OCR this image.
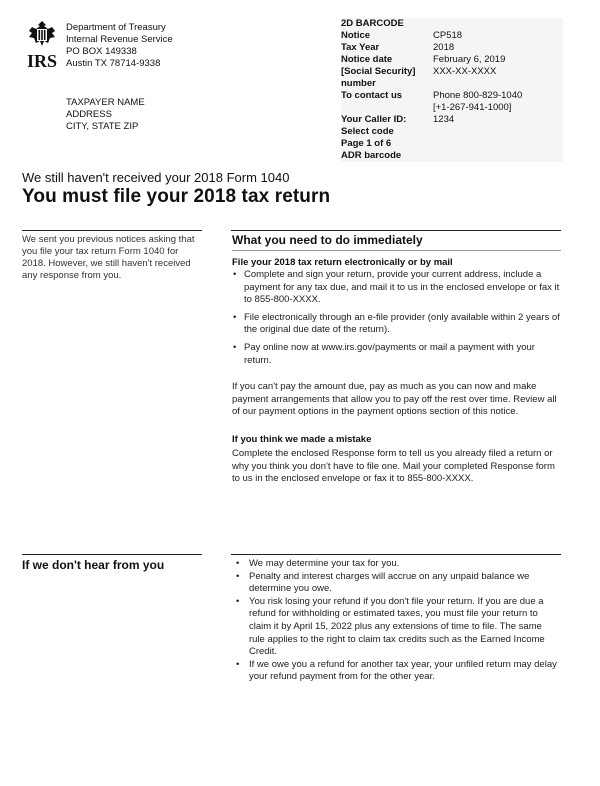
IRS
Department of Treasury
Internal Revenue Service
PO BOX 149338
Austin TX 78714-9338
2D BARCODE
Notice	CP518
Tax Year	2018
Notice date	February 6, 2019
[Social Security] number
XXX-XX-XXXX
To contact us	Phone 800-829-1040
[+1-267-941-1000]
Your Caller ID:	1234
Select code
Page 1 of 6
ADR barcode
TAXPAYER NAME
ADDRESS
CITY, STATE ZIP
We still haven't received your 2018 Form 1040
You must file your 2018 tax return
We sent you previous notices asking that you file your tax return Form 1040 for 2018. However, we still haven't received any response from you.
What you need to do immediately
File your 2018 tax return electronically or by mail
• Complete and sign your return, provide your current address, include a payment for any tax due, and mail it to us in the enclosed envelope or fax it to 855-800-XXXX.
• File electronically through an e-file provider (only available within 2 years of the original due date of the return).
• Pay online now at www.irs.gov/payments or mail a payment with your return.
If you can't pay the amount due, pay as much as you can now and make payment arrangements that allow you to pay off the rest over time. Review all of our payment options in the payment options section of this notice.
If you think we made a mistake
Complete the enclosed Response form to tell us you already filed a return or why you think you don't have to file one. Mail your completed Response form to us in the enclosed envelope or fax it to 855-800-XXXX.
If we don't hear from you
•	We may determine your tax for you.
• Penalty and interest charges will accrue on any unpaid balance we determine you owe.
• You risk losing your refund if you don't file your return. If you are due a refund for withholding or estimated taxes, you must file your return to claim it by April 15, 2022 plus any extensions of time to file. The same rule applies to the right to claim tax credits such as the Earned Income Credit.
• If we owe you a refund for another tax year, your unfiled return may delay your refund payment from for the other year.
